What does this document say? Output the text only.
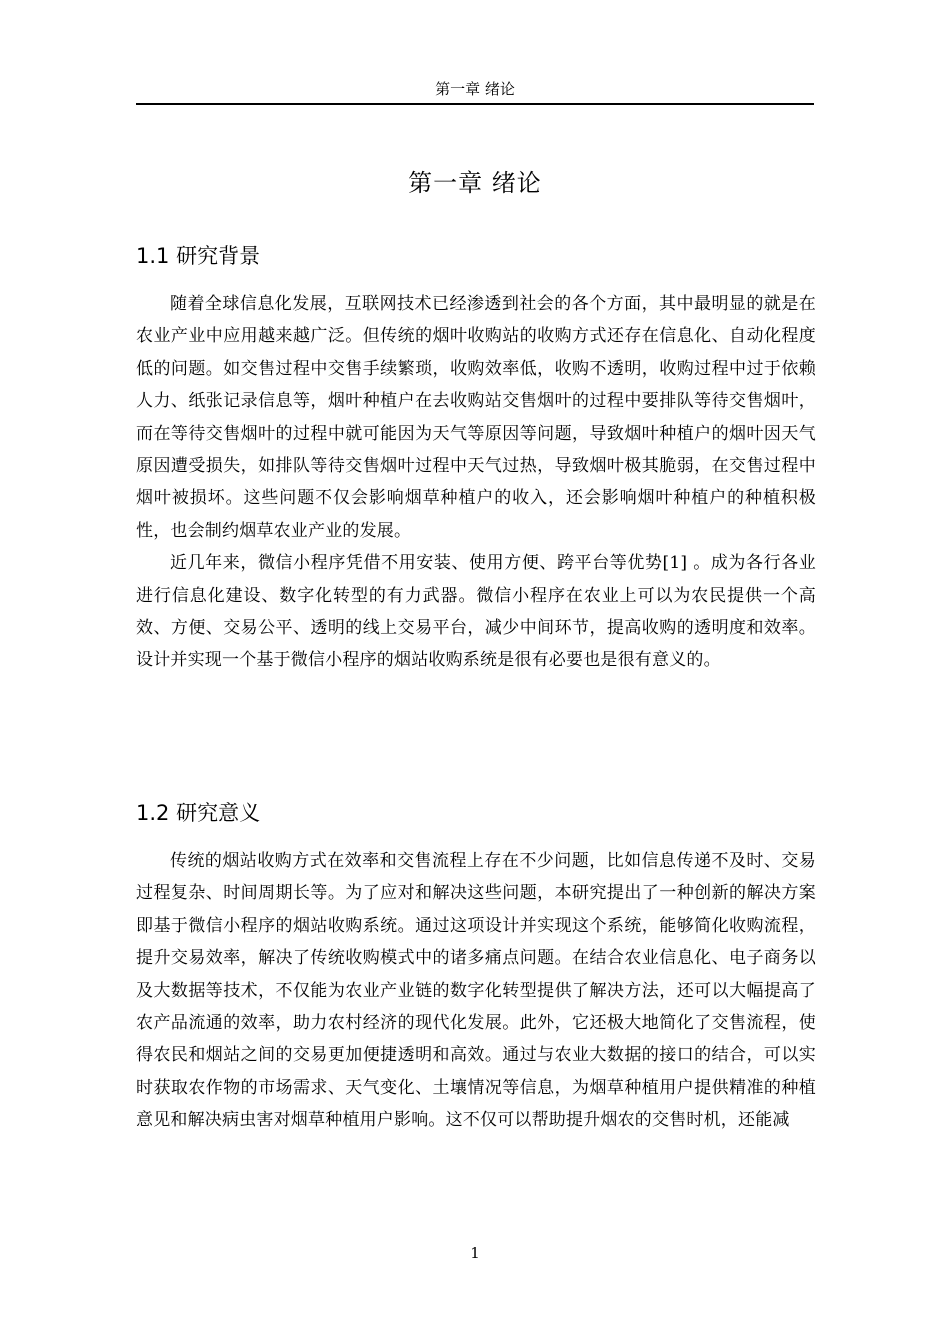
第一章 绪论
第一章 绪论
1.1 研究背景

随着全球信息化发展，互联网技术已经渗透到社会的各个方面，其中最明显的就是在农业产业中应用越来越广泛。但传统的烟叶收购站的收购方式还存在信息化、自动化程度低的问题。如交售过程中交售手续繁琐，收购效率低，收购不透明，收购过程中过于依赖人力、纸张记录信息等，烟叶种植户在去收购站交售烟叶的过程中要排队等待交售烟叶，而在等待交售烟叶的过程中就可能因为天气等原因等问题，导致烟叶种植户的烟叶因天气原因遭受损失，如排队等待交售烟叶过程中天气过热，导致烟叶极其脆弱，在交售过程中烟叶被损坏。这些问题不仅会影响烟草种植户的收入，还会影响烟叶种植户的种植积极性，也会制约烟草农业产业的发展。

近几年来，微信小程序凭借不用安装、使用方便、跨平台等优势[1] 。成为各行各业进行信息化建设、数字化转型的有力武器。微信小程序在农业上可以为农民提供一个高效、方便、交易公平、透明的线上交易平台，减少中间环节，提高收购的透明度和效率。设计并实现一个基于微信小程序的烟站收购系统是很有必要也是很有意义的。

1.2 研究意义

传统的烟站收购方式在效率和交售流程上存在不少问题，比如信息传递不及时、交易过程复杂、时间周期长等。为了应对和解决这些问题，本研究提出了一种创新的解决方案即基于微信小程序的烟站收购系统。通过这项设计并实现这个系统，能够简化收购流程，提升交易效率，解决了传统收购模式中的诸多痛点问题。在结合农业信息化、电子商务以及大数据等技术，不仅能为农业产业链的数字化转型提供了解决方法，还可以大幅提高了农产品流通的效率，助力农村经济的现代化发展。此外，它还极大地简化了交售流程，使得农民和烟站之间的交易更加便捷透明和高效。通过与农业大数据的接口的结合，可以实时获取农作物的市场需求、天气变化、土壤情况等信息，为烟草种植用户提供精准的种植意见和解决病虫害对烟草种植用户影响。这不仅可以帮助提升烟农的交售时机，还能减

1
